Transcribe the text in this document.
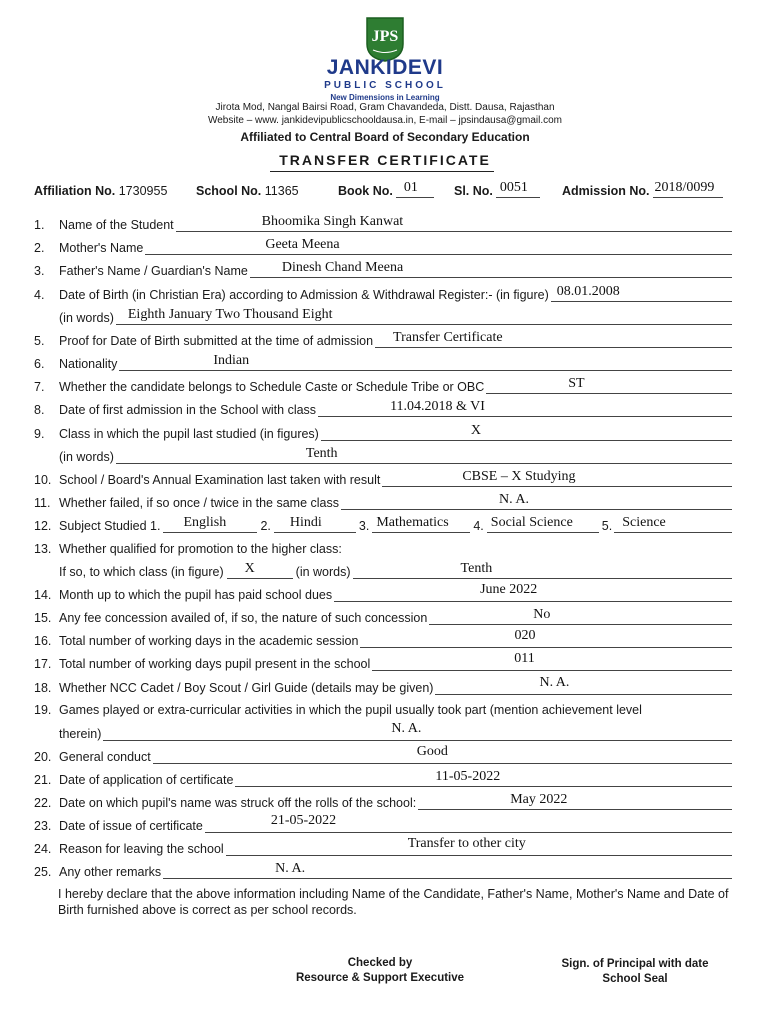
JPS
JANKIDEVI
PUBLIC SCHOOL
New Dimensions in Learning
Jirota Mod, Nangal Bairsi Road, Gram Chavandeda, Distt. Dausa, Rajasthan
Website – www. jankidevipublicschooldausa.in, E-mail – jpsindausa@gmail.com
Affiliated to Central Board of Secondary Education
TRANSFER CERTIFICATE
Affiliation No. 1730955 School No. 11365	Book No. 01	Sl. No. 0051	Admission No. 2018/0099
1.	Name of the Student	Bhoomika Singh Kanwat
2.	Mother's Name	Geeta Meena
3.	Father's Name / Guardian's Name Dinesh Chand Meena
4.	Date of Birth (in Christian Era) according to Admission & Withdrawal Register:- (in figure) 08.01.2008
(in words) Eighth January Two Thousand Eight
5.	Proof for Date of Birth submitted at the time of admission Transfer Certificate
6.	Nationality	Indian
7.	Whether the candidate belongs to Schedule Caste or Schedule Tribe or OBC	ST
8.	Date of first admission in the School with class	11.04.2018 & VI
9.	Class in which the pupil last studied (in figures)	X
(in words)	Tenth
10. School / Board's Annual Examination last taken with result	CBSE – X Studying
11. Whether failed, if so once / twice in the same class	N. A.
12. Subject Studied 1. English	2. Hindi	3. Mathematics 4. Social Science 5. Science
13. Whether qualified for promotion to the higher class:
If so, to which class (in figure) X	(in words)	Tenth
14. Month up to which the pupil has paid school dues	June 2022
15. Any fee concession availed of, if so, the nature of such concession	No
16. Total number of working days in the academic session	020
17. Total number of working days pupil present in the school	011
18. Whether NCC Cadet / Boy Scout / Girl Guide (details may be given)	N. A.
19. Games played or extra-curricular activities in which the pupil usually took part (mention achievement level
therein)	N. A.
20. General conduct	Good
21. Date of application of certificate	11-05-2022
22. Date on which pupil's name was struck off the rolls of the school:	May 2022
23. Date of issue of certificate	21-05-2022
24. Reason for leaving the school	Transfer to other city
25. Any other remarks	N. A.
I hereby declare that the above information including Name of the Candidate, Father's Name, Mother's Name and Date of Birth furnished above is correct as per school records.
Checked by
Resource & Support Executive
Sign. of Principal with date
School Seal
